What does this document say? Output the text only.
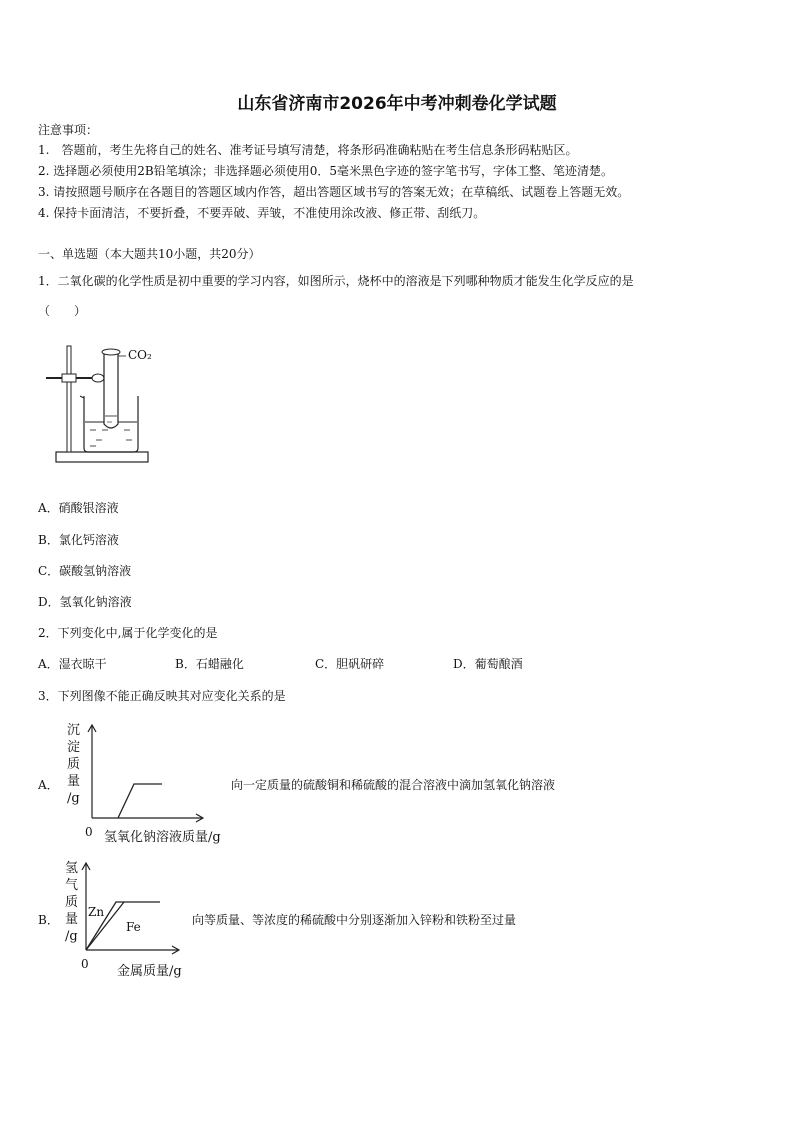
山东省济南市2026年中考冲刺卷化学试题
注意事项：
1.　答题前，考生先将自己的姓名、准考证号填写清楚，将条形码准确粘贴在考生信息条形码粘贴区。
2. 选择题必须使用2B铅笔填涂；非选择题必须使用0．5毫米黑色字迹的签字笔书写，字体工整、笔迹清楚。
3. 请按照题号顺序在各题目的答题区域内作答，超出答题区域书写的答案无效；在草稿纸、试题卷上答题无效。
4. 保持卡面清洁，不要折叠，不要弄破、弄皱，不准使用涂改液、修正带、刮纸刀。
一、单选题（本大题共10小题，共20分）
1．二氧化碳的化学性质是初中重要的学习内容，如图所示，烧杯中的溶液是下列哪种物质才能发生化学反应的是
（　　）
CO₂
A．硝酸银溶液
B．氯化钙溶液
C．碳酸氢钠溶液
D．氢氧化钠溶液
2．下列变化中,属于化学变化的是
A．湿衣晾干	B．石蜡融化	C．胆矾研碎	D．葡萄酿酒
3．下列图像不能正确反映其对应变化关系的是
A．
沉
淀
质
量
/g
0 氢氧化钠溶液质量/g
向一定质量的硫酸铜和稀硫酸的混合溶液中滴加氢氧化钠溶液
B．
氢
气
质
量
/g
Zn
Fe
0 金属质量/g
向等质量、等浓度的稀硫酸中分别逐渐加入锌粉和铁粉至过量
